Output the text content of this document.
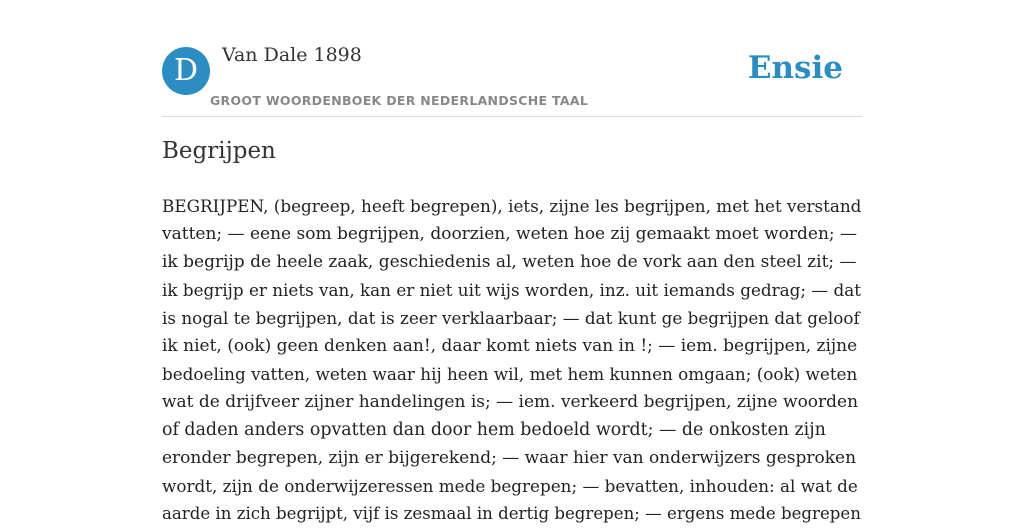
D	Van Dale 1898
GROOT WOORDENBOEK DER NEDERLANDSCHE TAAL
Ensie
Begrijpen
BEGRIJPEN, (begreep, heeft begrepen), iets, zijne les begrijpen, met het verstand
vatten; — eene som begrijpen, doorzien, weten hoe zij gemaakt moet worden; —
ik begrijp de heele zaak, geschiedenis al, weten hoe de vork aan den steel zit; —
ik begrijp er niets van, kan er niet uit wijs worden, inz. uit iemands gedrag; — dat
is nogal te begrijpen, dat is zeer verklaarbaar; — dat kunt ge begrijpen dat geloof
ik niet, (ook) geen denken aan!, daar komt niets van in !; — iem. begrijpen, zijne
bedoeling vatten, weten waar hij heen wil, met hem kunnen omgaan; (ook) weten
wat de drijfveer zijner handelingen is; — iem. verkeerd begrijpen, zijne woorden
of daden anders opvatten dan door hem bedoeld wordt; — de onkosten zijn
eronder begrepen, zijn er bijgerekend; — waar hier van onderwijzers gesproken
wordt, zijn de onderwijzeressen mede begrepen; — bevatten, inhouden: al wat de
aarde in zich begrijpt, vijf is zesmaal in dertig begrepen; — ergens mede begrepen
